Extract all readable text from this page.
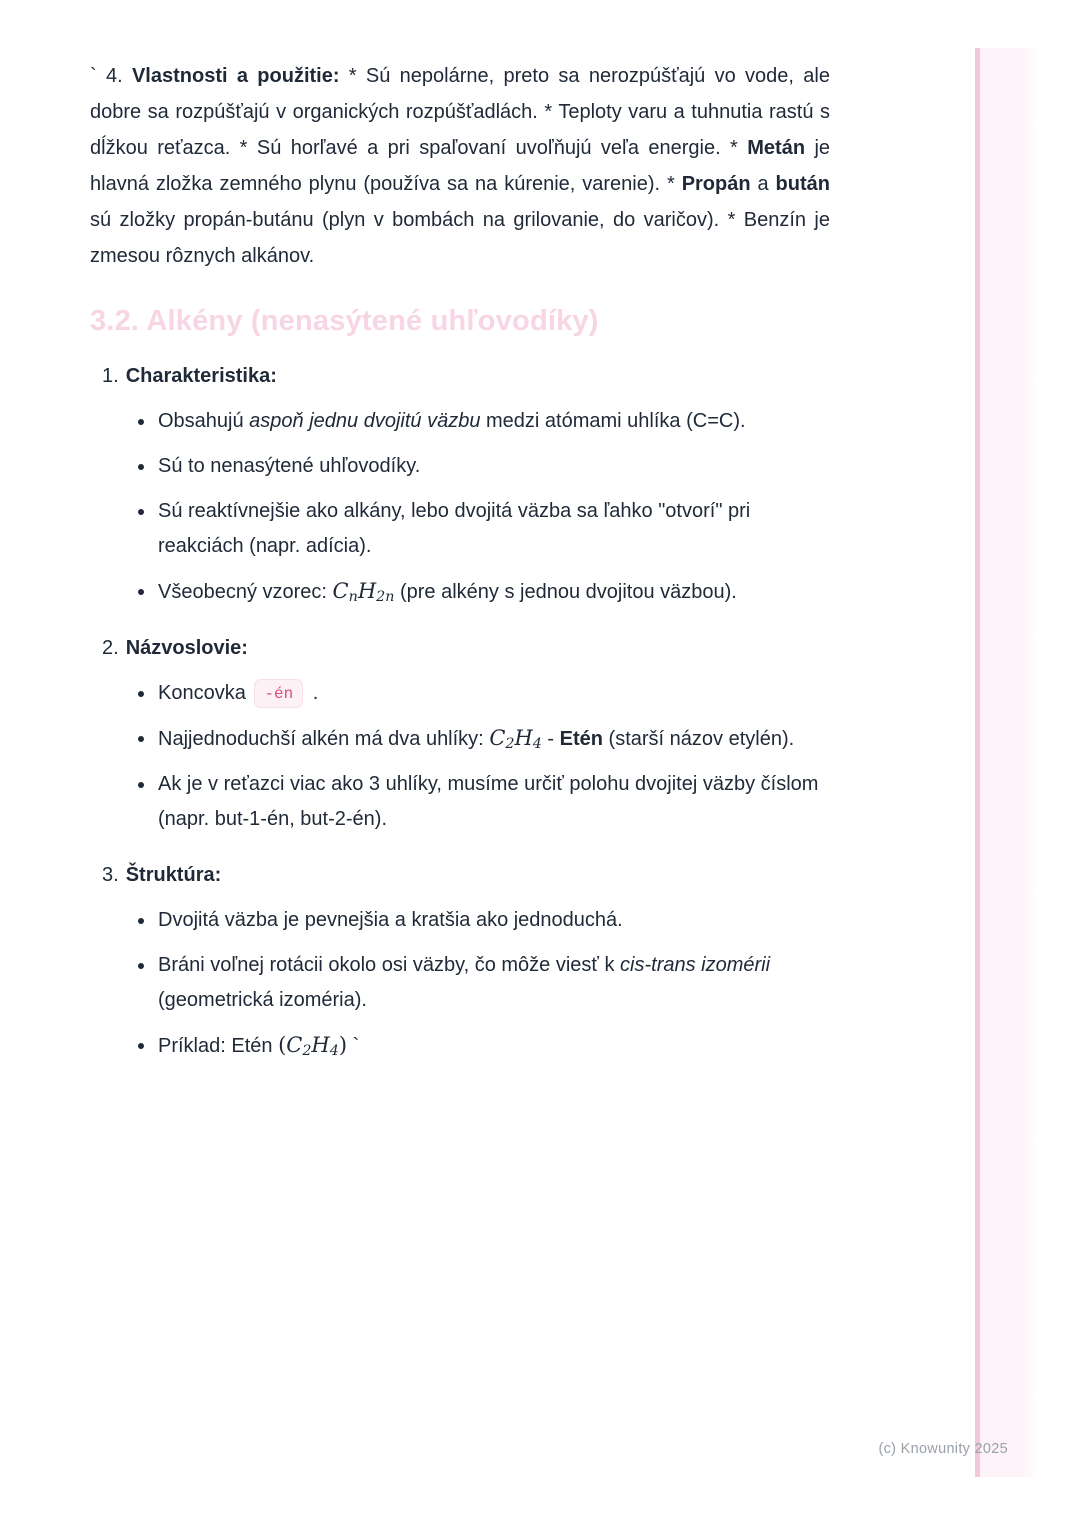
` 4. Vlastnosti a použitie: * Sú nepolárne, preto sa nerozpúšťajú vo vode, ale dobre sa rozpúšťajú v organických rozpúšťadlách. * Teploty varu a tuhnutia rastú s dĺžkou reťazca. * Sú horľavé a pri spaľovaní uvoľňujú veľa energie. * Metán je hlavná zložka zemného plynu (používa sa na kúrenie, varenie). * Propán a bután sú zložky propán-butánu (plyn v bombách na grilovanie, do varičov). * Benzín je zmesou rôznych alkánov.

3.2. Alkény (nenasýtené uhľovodíky)
1. Charakteristika:
Obsahujú aspoň jednu dvojitú väzbu medzi atómami uhlíka (C=C).
Sú to nenasýtené uhľovodíky.
Sú reaktívnejšie ako alkány, lebo dvojitá väzba sa ľahko "otvorí" pri reakciách (napr. adícia).
Všeobecný vzorec: $C_nH_{2n}$ (pre alkény s jednou dvojitou väzbou).
2. Názvoslovie:
Koncovka -én .
Najjednoduchší alkén má dva uhlíky: $C_2H_4$ - Etén (starší názov etylén).
Ak je v reťazci viac ako 3 uhlíky, musíme určiť polohu dvojitej väzby číslom (napr. but-1-én, but-2-én).
3. Štruktúra:
Dvojitá väzba je pevnejšia a kratšia ako jednoduchá.
Bráni voľnej rotácii okolo osi väzby, čo môže viesť k cis-trans izomérii (geometrická izoméria).
Príklad: Etén $(C_2H_4)$ `
(c) Knowunity 2025
